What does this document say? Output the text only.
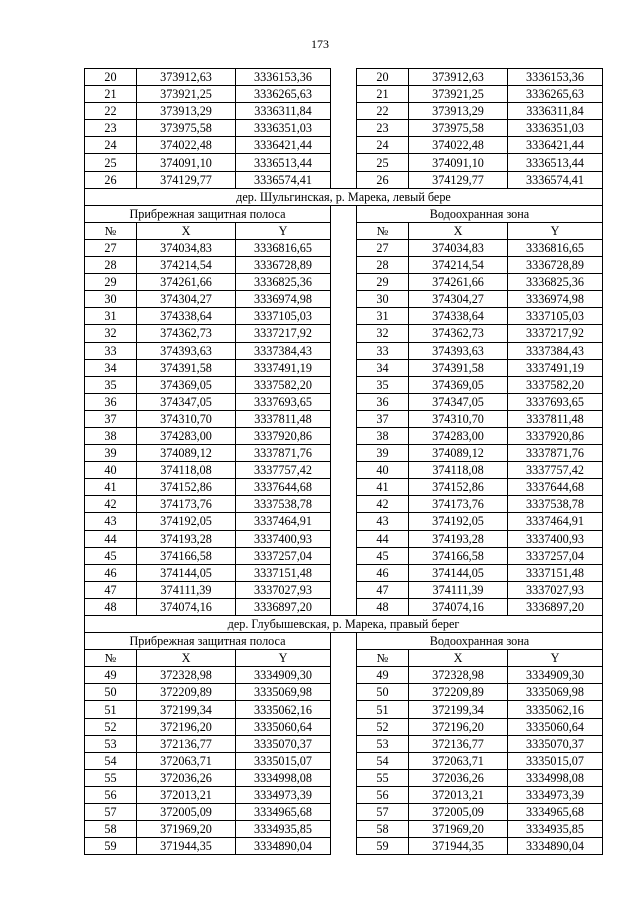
173
20	373912,63	3336153,36		20	373912,63	3336153,36
21	373921,25	3336265,63		21	373921,25	3336265,63
22	373913,29	3336311,84		22	373913,29	3336311,84
23	373975,58	3336351,03		23	373975,58	3336351,03
24	374022,48	3336421,44		24	374022,48	3336421,44
25	374091,10	3336513,44		25	374091,10	3336513,44
26	374129,77	3336574,41		26	374129,77	3336574,41
дер. Шульгинская, р. Марека, левый бере						
Прибрежная защитная полоса				Водоохранная зона		
№	X	Y		№	X	Y
27	374034,83	3336816,65		27	374034,83	3336816,65
28	374214,54	3336728,89		28	374214,54	3336728,89
29	374261,66	3336825,36		29	374261,66	3336825,36
30	374304,27	3336974,98		30	374304,27	3336974,98
31	374338,64	3337105,03		31	374338,64	3337105,03
32	374362,73	3337217,92		32	374362,73	3337217,92
33	374393,63	3337384,43		33	374393,63	3337384,43
34	374391,58	3337491,19		34	374391,58	3337491,19
35	374369,05	3337582,20		35	374369,05	3337582,20
36	374347,05	3337693,65		36	374347,05	3337693,65
37	374310,70	3337811,48		37	374310,70	3337811,48
38	374283,00	3337920,86		38	374283,00	3337920,86
39	374089,12	3337871,76		39	374089,12	3337871,76
40	374118,08	3337757,42		40	374118,08	3337757,42
41	374152,86	3337644,68		41	374152,86	3337644,68
42	374173,76	3337538,78		42	374173,76	3337538,78
43	374192,05	3337464,91		43	374192,05	3337464,91
44	374193,28	3337400,93		44	374193,28	3337400,93
45	374166,58	3337257,04		45	374166,58	3337257,04
46	374144,05	3337151,48		46	374144,05	3337151,48
47	374111,39	3337027,93		47	374111,39	3337027,93
48	374074,16	3336897,20		48	374074,16	3336897,20
дер. Глубышевская, р. Марека, правый берег						
Прибрежная защитная полоса				Водоохранная зона		
№	X	Y		№	X	Y
49	372328,98	3334909,30		49	372328,98	3334909,30
50	372209,89	3335069,98		50	372209,89	3335069,98
51	372199,34	3335062,16		51	372199,34	3335062,16
52	372196,20	3335060,64		52	372196,20	3335060,64
53	372136,77	3335070,37		53	372136,77	3335070,37
54	372063,71	3335015,07		54	372063,71	3335015,07
55	372036,26	3334998,08		55	372036,26	3334998,08
56	372013,21	3334973,39		56	372013,21	3334973,39
57	372005,09	3334965,68		57	372005,09	3334965,68
58	371969,20	3334935,85		58	371969,20	3334935,85
59	371944,35	3334890,04		59	371944,35	3334890,04
